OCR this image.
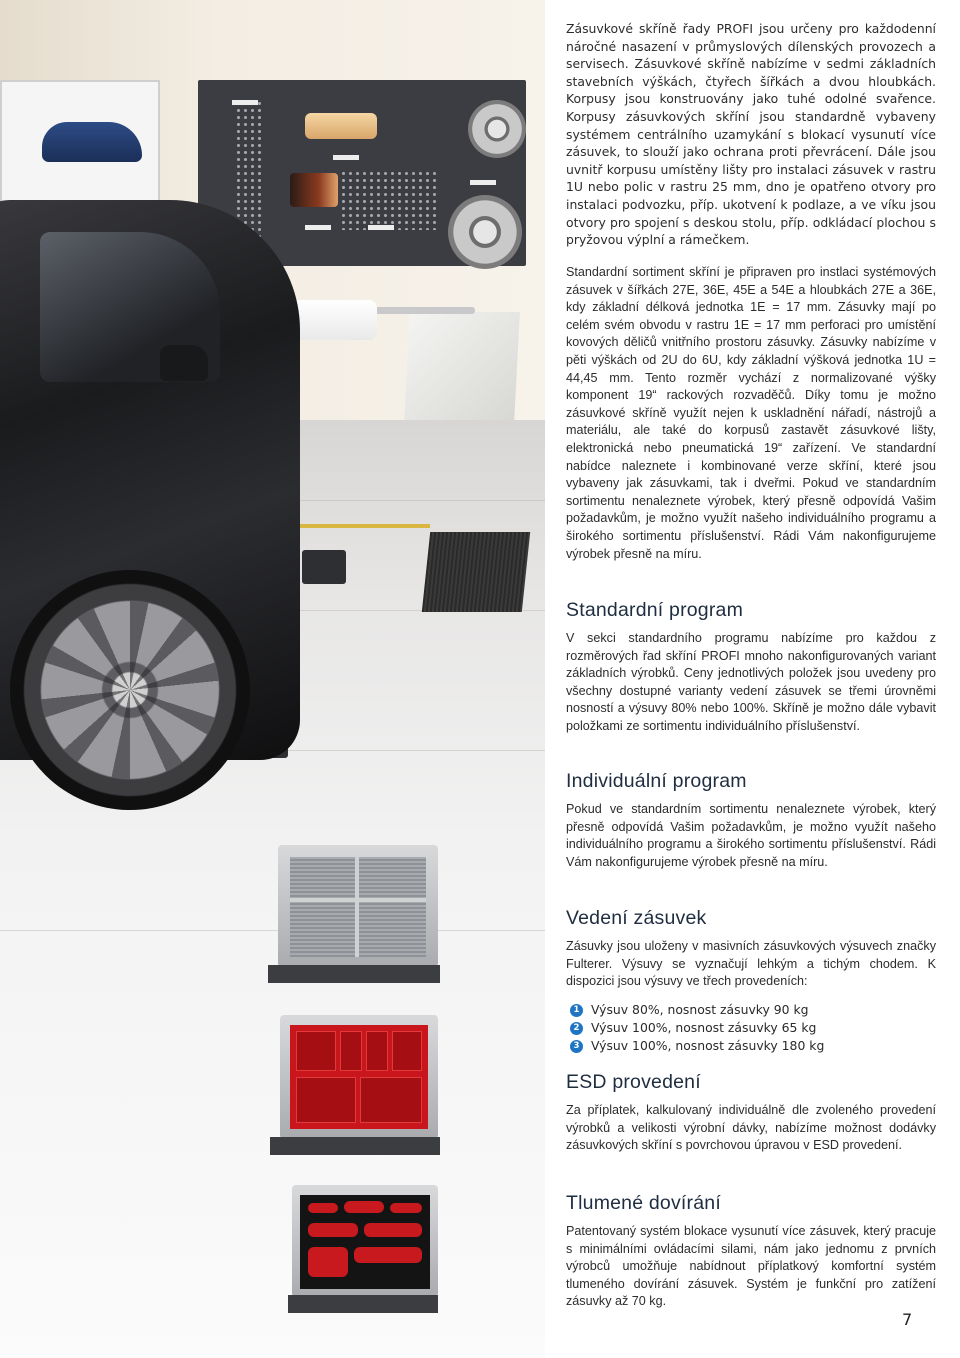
Zásuvkové skříně řady PROFI jsou určeny pro každodenní náročné nasazení v průmyslových dílenských provozech a servisech. Zásuvkové skříně nabízíme v sedmi základních stavebních výškách, čtyřech šířkách a dvou hloubkách. Korpusy jsou konstruovány jako tuhé odolné svařence. Korpusy zásuvkových skříní jsou standardně vybaveny systémem centrálního uzamykání s blokací vysunutí více zásuvek, to slouží jako ochrana proti převrácení. Dále jsou uvnitř korpusu umístěny lišty pro instalaci zásuvek v rastru 1U nebo polic v rastru 25 mm, dno je opatřeno otvory pro instalaci podvozku, příp. ukotvení k podlaze, a ve víku jsou otvory pro spojení s deskou stolu, příp. odkládací plochou s pryžovou výplní a rámečkem.

Standardní sortiment skříní je připraven pro instlaci systémových zásuvek v šířkách 27E, 36E, 45E a 54E a hloubkách 27E a 36E, kdy základní délková jednotka 1E = 17 mm. Zásuvky mají po celém svém obvodu v rastru 1E = 17 mm perforaci pro umístění kovových děličů vnitřního prostoru zásuvky. Zásuvky nabízíme v pěti výškách od 2U do 6U, kdy základní výšková jednotka 1U = 44,45 mm. Tento rozměr vychází z normalizované výšky komponent 19“ rackových rozvaděčů. Díky tomu je možno zásuvkové skříně využít nejen k uskladnění nářadí, nástrojů a materiálu, ale také do korpusů zastavět zásuvkové lišty, elektronická nebo pneumatická 19“ zařízení. Ve standardní nabídce naleznete i kombinované verze skříní, které jsou vybaveny jak zásuvkami, tak i dveřmi. Pokud ve standardním sortimentu nenaleznete výrobek, který přesně odpovídá Vašim požadavkům, je možno využít našeho individuálního programu a širokého sortimentu příslušenství. Rádi Vám nakonfigurujeme výrobek přesně na míru.

Standardní program

V sekci standardního programu nabízíme pro každou z rozměrových řad skříní PROFI mnoho nakonfigurovaných variant základních výrobků. Ceny jednotlivých položek jsou uvedeny pro všechny dostupné varianty vedení zásuvek se třemi úrovněmi nosností a výsuvy 80% nebo 100%. Skříně je možno dále vybavit položkami ze sortimentu individuálního příslušenství.

Individuální program

Pokud ve standardním sortimentu nenaleznete výrobek, který přesně odpovídá Vašim požadavkům, je možno využít našeho individuálního programu a širokého sortimentu příslušenství. Rádi Vám nakonfigurujeme výrobek přesně na míru.

Vedení zásuvek

Zásuvky jsou uloženy v masivních zásuvkových výsuvech značky Fulterer. Výsuvy se vyznačují lehkým a tichým chodem. K dispozici jsou výsuvy ve třech provedeních:

1 Výsuv 80%, nosnost zásuvky 90 kg
2 Výsuv 100%, nosnost zásuvky 65 kg
3 Výsuv 100%, nosnost zásuvky 180 kg
ESD provedení

Za příplatek, kalkulovaný individuálně dle zvoleného provedení výrobků a velikosti výrobní dávky, nabízíme možnost dodávky zásuvkových skříní s povrchovou úpravou v ESD provedení.

Tlumené dovírání

Patentovaný systém blokace vysunutí více zásuvek, který pracuje s minimálními ovládacími silami, nám jako jednomu z prvních výrobců umožňuje nabídnout příplatkový komfortní systém tlumeného dovírání zásuvek. Systém je funkční pro zatížení zásuvky až 70 kg.

7
